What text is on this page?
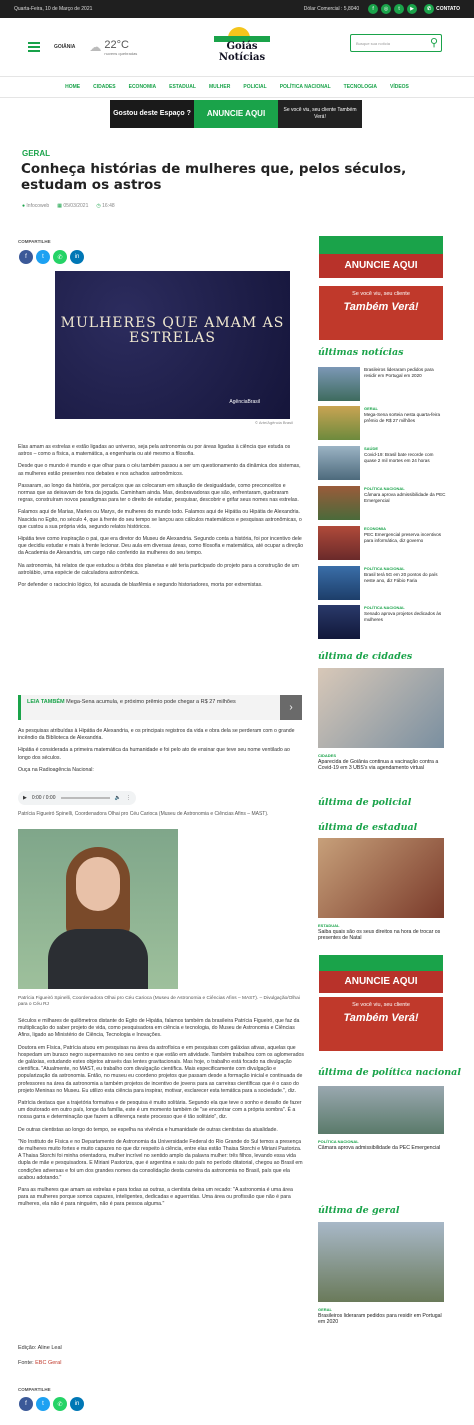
Quarta-Feira, 10 de Março de 2021	Dólar Comercial : 5,8040	f	◎	t	▶	✆ CONTATO
GOIÂNIA ☁ 22°C
nuvens quebradas
Goiás
Notícias
Busque sua notícia	⚲
HOME	CIDADES	ECONOMIA	ESTADUAL	MULHER	POLICIAL	POLÍTICA NACIONAL	TECNOLOGIA	VÍDEOS
Gostou deste Espaço ?	ANUNCIE AQUI	Se você viu, seu cliente Também Verá!
GERAL
Conheça histórias de mulheres que, pelos séculos, estudam os astros
● Infocoweb ▦ 05/03/2021 ◷ 16:48
COMPARTILHE
f	t	✆	in
MULHERES QUE AMAM AS ESTRELAS
AgênciaBrasil
© Arte/Agência Brasil

Elas amam as estrelas e estão ligadas ao universo, seja pela astronomia ou por áreas ligadas à ciência que estuda os astros – como a física, a matemática, a engenharia ou até mesmo a filosofia.

Desde que o mundo é mundo e que olhar para o céu também passou a ser um questionamento da dinâmica dos sistemas, as mulheres estão presentes nos debates e nos achados astronômicos.

Passaram, ao longo da história, por percalços que as colocaram em situação de desigualdade, como preconceitos e normas que as deixavam de fora da jogada. Caminham ainda. Mas, desbravadoras que são, enfrentaram, quebraram regras, construíram novos paradigmas para ter o direito de estudar, pesquisar, descobrir e grifar seus nomes nas estrelas.

Falamos aqui de Marias, Maries ou Marys, de mulheres do mundo todo. Falamos aqui de Hipátia ou Hipátia de Alexandria. Nascida no Egito, no século 4, que à frente do seu tempo se lançou aos cálculos matemáticos e pesquisas astronômicas, o que custou a sua própria vida, segundo relatos históricos.

Hipátia teve como inspiração o pai, que era diretor do Museu de Alexandria. Segundo conta a história, foi por incentivo dele que decidiu estudar e mais à frente lecionar. Deu aula em diversas áreas, como filosofia e matemática, até ocupar a direção da Academia de Alexandria, um cargo não conferido às mulheres do seu tempo.

Na astronomia, há relatos de que estudou a órbita dos planetas e até teria participado do projeto para a construção de um astrolábio, uma espécie de calculadora astronômica.

Por defender o raciocínio lógico, foi acusada de blasfêmia e segundo historiadores, morta por extremistas.

LEIA TAMBÉM Mega-Sena acumula, e próximo prêmio pode chegar a R$ 27 milhões	›

As pesquisas atribuídas à Hipátia de Alexandria, e os principais registros da vida e obra dela se perderam com o grande incêndio da Biblioteca de Alexandria.

Hipátia é considerada a primeira matemática da humanidade e foi pelo ato de ensinar que teve seu nome ventilado ao longo dos séculos.

Ouça na Radioagência Nacional:

▶ 0:00 / 0:00	🔈 ⋮
Patrícia Figueiró Spinelli, Coordenadora Olhai pro Céu Carioca (Museu de Astronomia e Ciências Afins – MAST).
Patrícia Figueiró Spinelli, Coordenadora Olhai pro Céu Carioca (Museu de Astronomia e Ciências Afins – MAST). – Divulgação/Olhai para o Céu RJ

Séculos e milhares de quilômetros distante do Egito de Hipátia, falamos também da brasileira Patrícia Figueiró, que faz da multiplicação do saber projeto de vida, como pesquisadora em ciência e tecnologia, do Museu de Astronomia e Ciências Afins, ligado ao Ministério de Ciência, Tecnologia e Inovações.

Doutora em Física, Patrícia atuou em pesquisas na área da astrofísica e em pesquisas com galáxias ativas, aquelas que hospedam um buraco negro supermassivo no seu centro e que estão em atividade. Também trabalhou com os aglomerados de galáxias, estudando estes objetos através das lentes gravitacionais. Mas hoje, o trabalho está focado na divulgação científica. "Atualmente, no MAST, eu trabalho com divulgação científica. Mais especificamente com divulgação e popularização da astronomia. Então, no museu eu coordeno projetos que passam desde a formação inicial e continuada de professores na área da astronomia a também projetos de incentivo de jovens para as carreiras científicas que é o caso do projeto Meninas no Museu. Eu utilizo esta ciência para inspirar, motivar, esclarecer esta temática para a sociedade.", diz.

Patrícia destaca que a trajetória formativa e de pesquisa é muito solitária. Segundo ela que teve o sonho e desafio de fazer um doutorado em outro país, longe da família, este é um momento também de "se encontrar com a própria sombra". É a nossa garra e determinação que fazem a diferença neste processo que é tão solitário", diz.

De outras cientistas ao longo do tempo, se espelha na vivência e humanidade de outras cientistas da atualidade.

"No Instituto de Física e no Departamento de Astronomia da Universidade Federal do Rio Grande do Sul temos a presença de mulheres muito fortes e muito capazes no que diz respeito à ciência, entre elas estão Thaisa Storchi e Miriani Pastoriza. A Thaisa Storchi foi minha orientadora, mulher incrível no sentido amplo da palavra mulher: três filhos, levando essa vida dupla de mãe e pesquisadora. E Miriani Pastoriza, que é argentina e saiu do país no período ditatorial, chegou ao Brasil em condições adversas e foi um dos grandes nomes da consolidação desta carreira da astronomia no Brasil, país que ela acabou adotando."

Para as mulheres que amam as estrelas e para todas as outras, a cientista deixa um recado: "A astronomia é uma área para as mulheres porque somos capazes, inteligentes, dedicadas e aguerridas. Uma área ou profissão que não é para mulheres, ela não é para ninguém, não é para pessoa alguma."

Edição: Aline Leal
Fonte: EBC Geral
COMPARTILHE
f	t	✆	in
ANUNCIE AQUI
Se você viu, seu cliente
Também Verá!
últimas notícias
Brasileiros lideraram pedidos para residir em Portugal em 2020
GERAL
Mega-Sena sorteia nesta quarta-feira prêmio de R$ 27 milhões
SAÚDE
Covid-19: Brasil bate recorde com quase 2 mil mortes em 24 horas
POLÍTICA NACIONAL
Câmara aprova admissibilidade da PEC Emergencial
ECONOMIA
PEC Emergencial preserva incentivos para informática, diz governo
POLÍTICA NACIONAL
Brasil terá 5G em 20 pontos do país neste ano, diz Fábio Faria
POLÍTICA NACIONAL
Senado aprova projetos dedicados às mulheres
última de cidades
CIDADES
Aparecida de Goiânia continua a vacinação contra a Covid-19 em 3 UBS's via agendamento virtual
última de policial
última de estadual
ESTADUAL
Saiba quais são os seus direitos na hora de trocar os presentes de Natal
ANUNCIE AQUI
Se você viu, seu cliente
Também Verá!
última de política nacional
POLÍTICA NACIONAL
Câmara aprova admissibilidade da PEC Emergencial
última de geral
GERAL
Brasileiros lideraram pedidos para residir em Portugal em 2020
